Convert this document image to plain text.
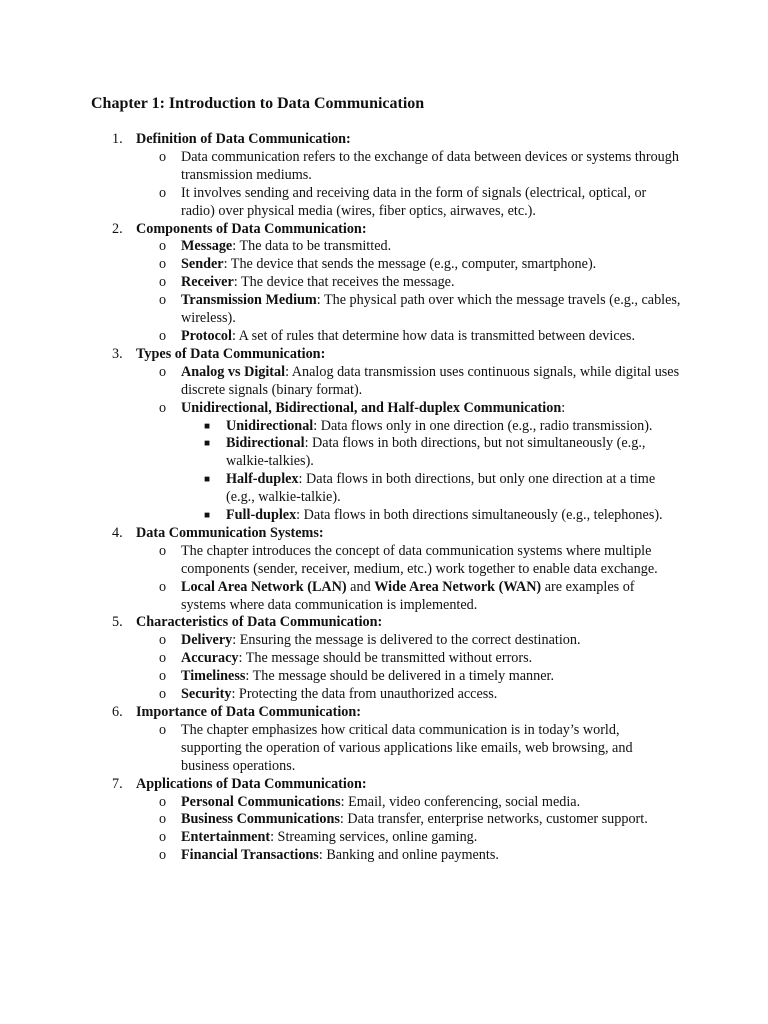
Chapter 1: Introduction to Data Communication
1. Definition of Data Communication:
o Data communication refers to the exchange of data between devices or systems through transmission mediums.
o It involves sending and receiving data in the form of signals (electrical, optical, or radio) over physical media (wires, fiber optics, airwaves, etc.).
2. Components of Data Communication:
o Message: The data to be transmitted.
o Sender: The device that sends the message (e.g., computer, smartphone).
o Receiver: The device that receives the message.
o Transmission Medium: The physical path over which the message travels (e.g., cables, wireless).
o Protocol: A set of rules that determine how data is transmitted between devices.
3. Types of Data Communication:
o Analog vs Digital: Analog data transmission uses continuous signals, while digital uses discrete signals (binary format).
o Unidirectional, Bidirectional, and Half-duplex Communication:
■ Unidirectional: Data flows only in one direction (e.g., radio transmission).
■ Bidirectional: Data flows in both directions, but not simultaneously (e.g., walkie-talkies).
■ Half-duplex: Data flows in both directions, but only one direction at a time (e.g., walkie-talkie).
■ Full-duplex: Data flows in both directions simultaneously (e.g., telephones).
4. Data Communication Systems:
o The chapter introduces the concept of data communication systems where multiple components (sender, receiver, medium, etc.) work together to enable data exchange.
o Local Area Network (LAN) and Wide Area Network (WAN) are examples of systems where data communication is implemented.
5. Characteristics of Data Communication:
o Delivery: Ensuring the message is delivered to the correct destination.
o Accuracy: The message should be transmitted without errors.
o Timeliness: The message should be delivered in a timely manner.
o Security: Protecting the data from unauthorized access.
6. Importance of Data Communication:
o The chapter emphasizes how critical data communication is in today’s world, supporting the operation of various applications like emails, web browsing, and business operations.
7. Applications of Data Communication:
o Personal Communications: Email, video conferencing, social media.
o Business Communications: Data transfer, enterprise networks, customer support.
o Entertainment: Streaming services, online gaming.
o Financial Transactions: Banking and online payments.
